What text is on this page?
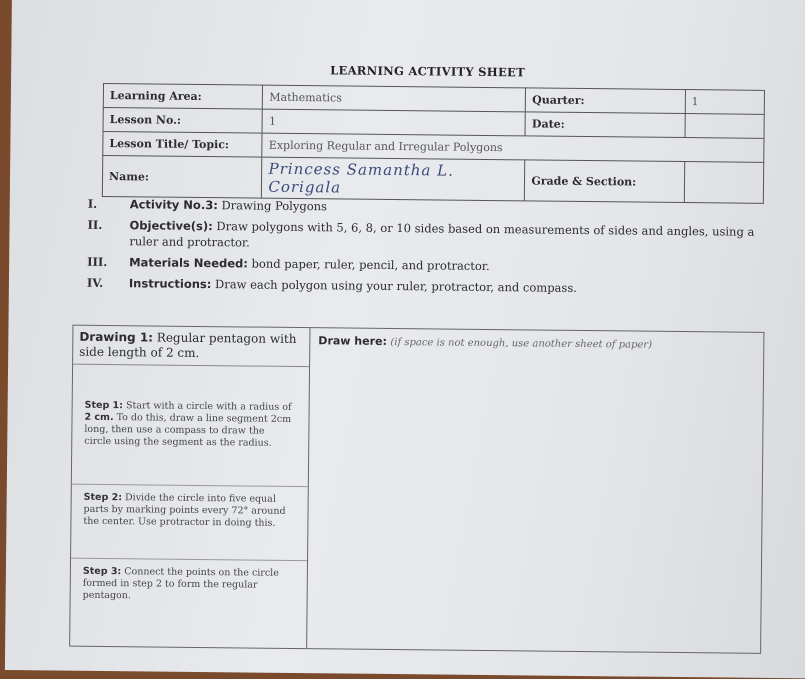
LEARNING ACTIVITY SHEET
Learning Area:	Mathematics	Quarter:	1
Lesson No.:	1	Date:	
Lesson Title/ Topic:	Exploring Regular and Irregular Polygons		
Name:	Princess Samantha L. Corigala	Grade & Section:	
I.	Activity No.3: Drawing Polygons
II.	Objective(s): Draw polygons with 5, 6, 8, or 10 sides based on measurements of sides and angles, using a ruler and protractor.
III.	Materials Needed: bond paper, ruler, pencil, and protractor.
IV.	Instructions: Draw each polygon using your ruler, protractor, and compass.
Drawing 1: Regular pentagon with side length of 2 cm.
Step 1: Start with a circle with a radius of 2 cm. To do this, draw a line segment 2cm long, then use a compass to draw the circle using the segment as the radius.
Step 2: Divide the circle into five equal parts by marking points every 72° around the center. Use protractor in doing this.
Step 3: Connect the points on the circle formed in step 2 to form the regular pentagon.
Draw here: (if space is not enough, use another sheet of paper)
